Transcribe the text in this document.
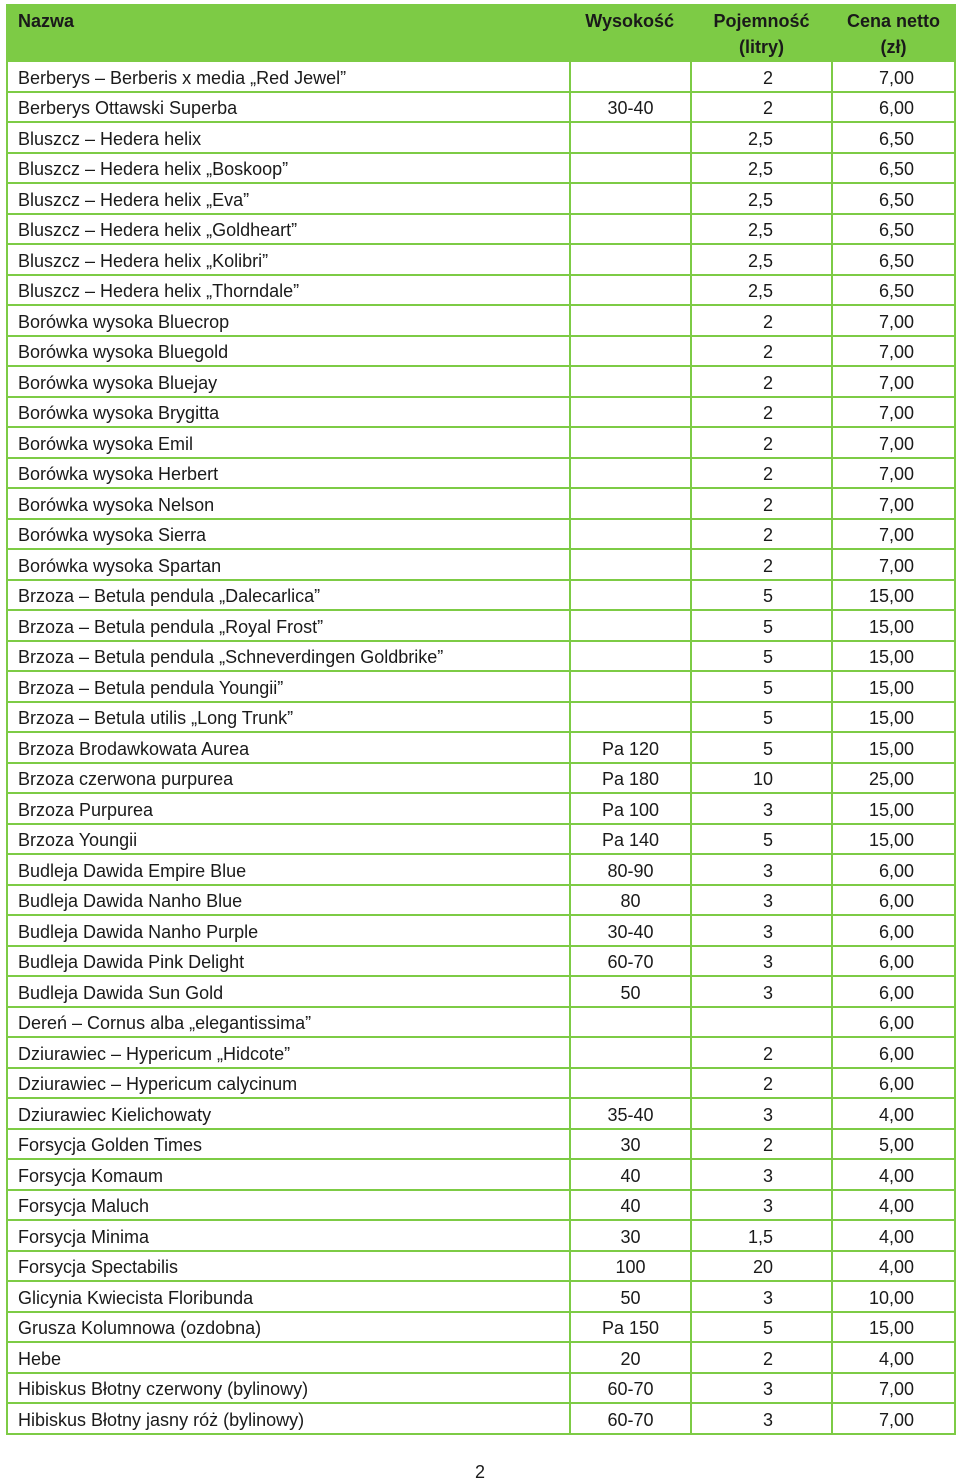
Nazwa	Wysokość	Pojemność (litry)	Cena netto (zł)
Berberys – Berberis x media „Red Jewel”		2	7,00
Berberys Ottawski Superba	30-40	2	6,00
Bluszcz – Hedera helix		2,5	6,50
Bluszcz – Hedera helix „Boskoop”		2,5	6,50
Bluszcz – Hedera helix „Eva”		2,5	6,50
Bluszcz – Hedera helix „Goldheart”		2,5	6,50
Bluszcz – Hedera helix „Kolibri”		2,5	6,50
Bluszcz – Hedera helix „Thorndale”		2,5	6,50
Borówka wysoka Bluecrop		2	7,00
Borówka wysoka Bluegold		2	7,00
Borówka wysoka Bluejay		2	7,00
Borówka wysoka Brygitta		2	7,00
Borówka wysoka Emil		2	7,00
Borówka wysoka Herbert		2	7,00
Borówka wysoka Nelson		2	7,00
Borówka wysoka Sierra		2	7,00
Borówka wysoka Spartan		2	7,00
Brzoza – Betula pendula „Dalecarlica”		5	15,00
Brzoza – Betula pendula „Royal Frost”		5	15,00
Brzoza – Betula pendula „Schneverdingen Goldbrike”		5	15,00
Brzoza – Betula pendula Youngii”		5	15,00
Brzoza – Betula utilis „Long Trunk”		5	15,00
Brzoza Brodawkowata Aurea	Pa 120	5	15,00
Brzoza czerwona purpurea	Pa 180	10	25,00
Brzoza Purpurea	Pa 100	3	15,00
Brzoza Youngii	Pa 140	5	15,00
Budleja Dawida Empire Blue	80-90	3	6,00
Budleja Dawida Nanho Blue	80	3	6,00
Budleja Dawida Nanho Purple	30-40	3	6,00
Budleja Dawida Pink Delight	60-70	3	6,00
Budleja Dawida Sun Gold	50	3	6,00
Dereń – Cornus alba „elegantissima”			6,00
Dziurawiec – Hypericum „Hidcote”		2	6,00
Dziurawiec – Hypericum calycinum		2	6,00
Dziurawiec Kielichowaty	35-40	3	4,00
Forsycja Golden Times	30	2	5,00
Forsycja Komaum	40	3	4,00
Forsycja Maluch	40	3	4,00
Forsycja Minima	30	1,5	4,00
Forsycja Spectabilis	100	20	4,00
Glicynia Kwiecista Floribunda	50	3	10,00
Grusza Kolumnowa (ozdobna)	Pa 150	5	15,00
Hebe	20	2	4,00
Hibiskus Błotny czerwony (bylinowy)	60-70	3	7,00
Hibiskus Błotny jasny róż (bylinowy)	60-70	3	7,00
2
